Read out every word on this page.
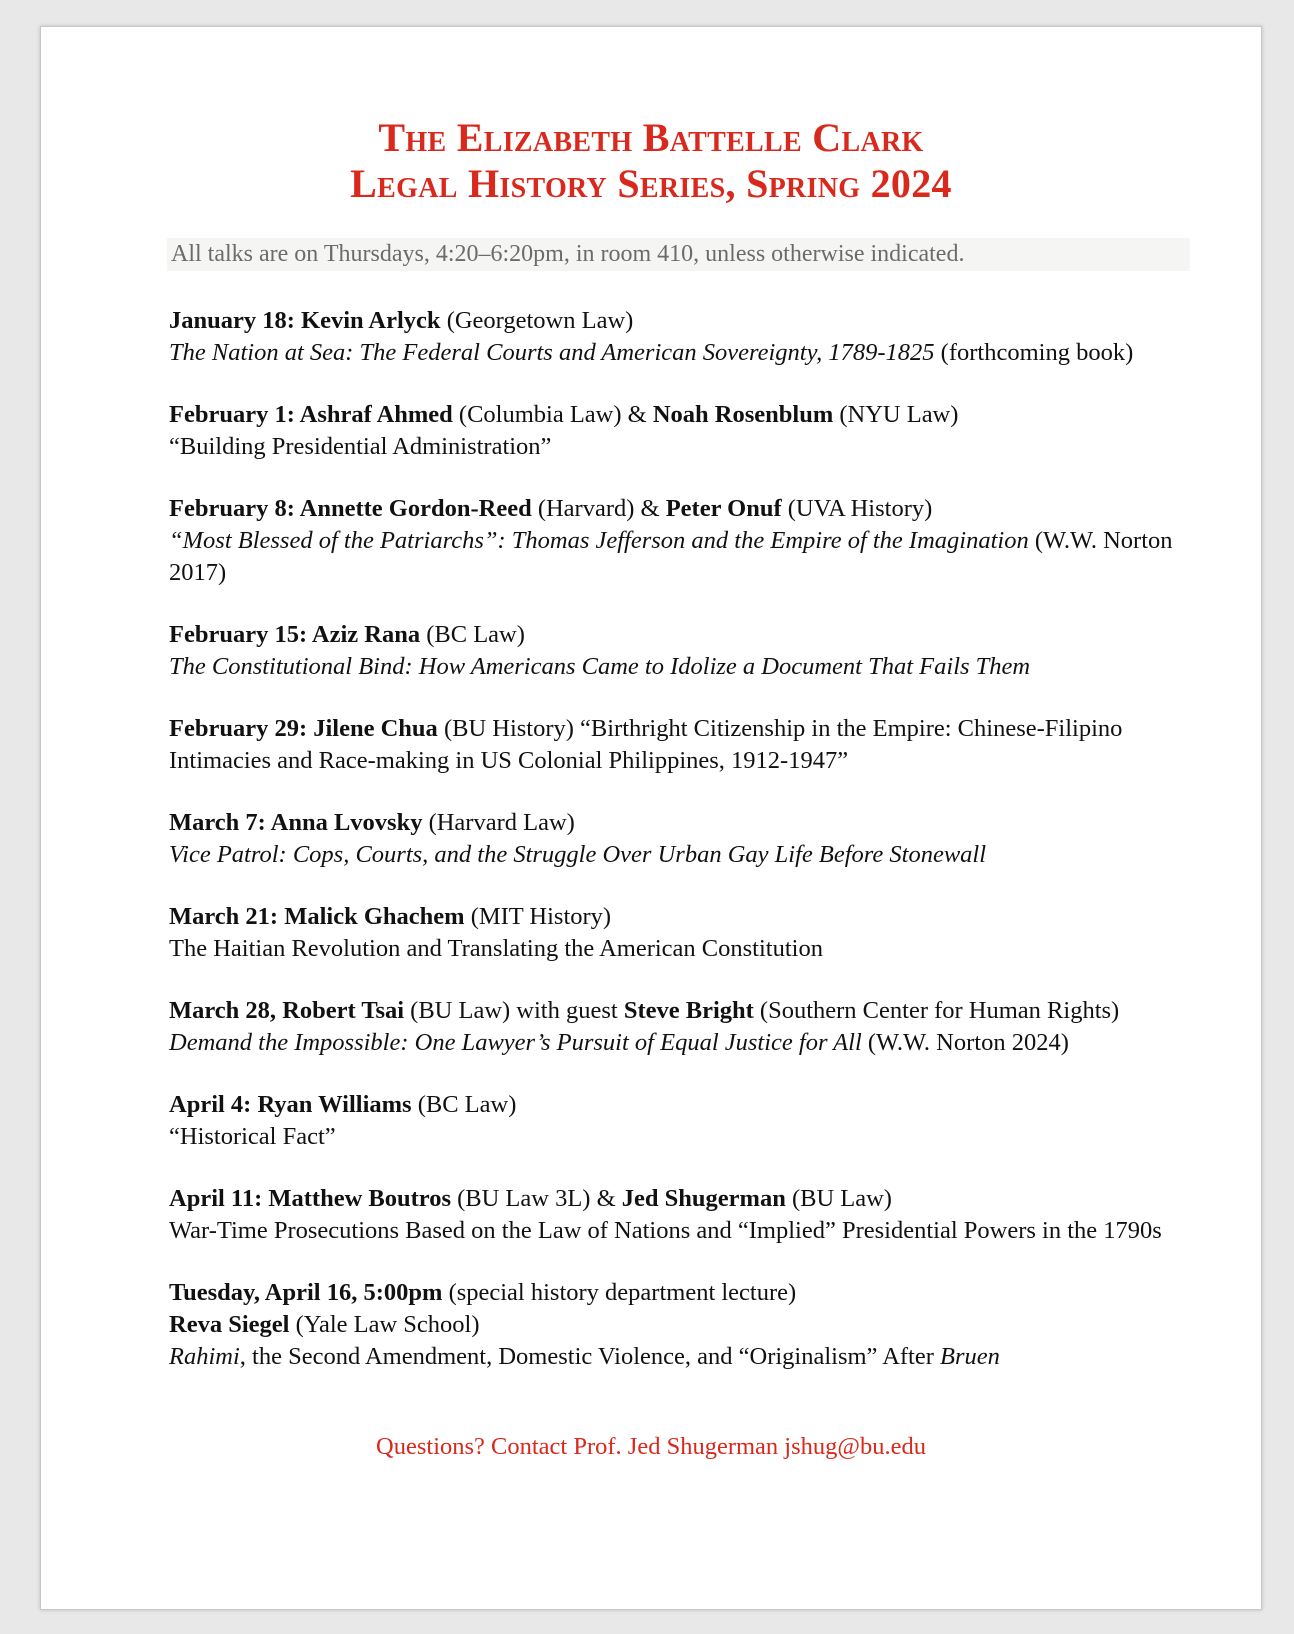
The Elizabeth Battelle Clark
Legal History Series, Spring 2024
All talks are on Thursdays, 4:20–6:20pm, in room 410, unless otherwise indicated.
January 18: Kevin Arlyck (Georgetown Law)
The Nation at Sea: The Federal Courts and American Sovereignty, 1789-1825 (forthcoming book)
February 1: Ashraf Ahmed (Columbia Law) & Noah Rosenblum (NYU Law)
“Building Presidential Administration”
February 8: Annette Gordon-Reed (Harvard) & Peter Onuf (UVA History)
“Most Blessed of the Patriarchs”: Thomas Jefferson and the Empire of the Imagination (W.W. Norton 2017)
February 15: Aziz Rana (BC Law)
The Constitutional Bind: How Americans Came to Idolize a Document That Fails Them
February 29: Jilene Chua (BU History) “Birthright Citizenship in the Empire: Chinese-Filipino Intimacies and Race-making in US Colonial Philippines, 1912-1947”
March 7: Anna Lvovsky (Harvard Law)
Vice Patrol: Cops, Courts, and the Struggle Over Urban Gay Life Before Stonewall
March 21: Malick Ghachem (MIT History)
The Haitian Revolution and Translating the American Constitution
March 28, Robert Tsai (BU Law) with guest Steve Bright (Southern Center for Human Rights)
Demand the Impossible: One Lawyer’s Pursuit of Equal Justice for All (W.W. Norton 2024)
April 4: Ryan Williams (BC Law)
“Historical Fact”
April 11: Matthew Boutros (BU Law 3L) & Jed Shugerman (BU Law)
War-Time Prosecutions Based on the Law of Nations and “Implied” Presidential Powers in the 1790s
Tuesday, April 16, 5:00pm (special history department lecture)
Reva Siegel (Yale Law School)
Rahimi, the Second Amendment, Domestic Violence, and “Originalism” After Bruen
Questions? Contact Prof. Jed Shugerman jshug@bu.edu
